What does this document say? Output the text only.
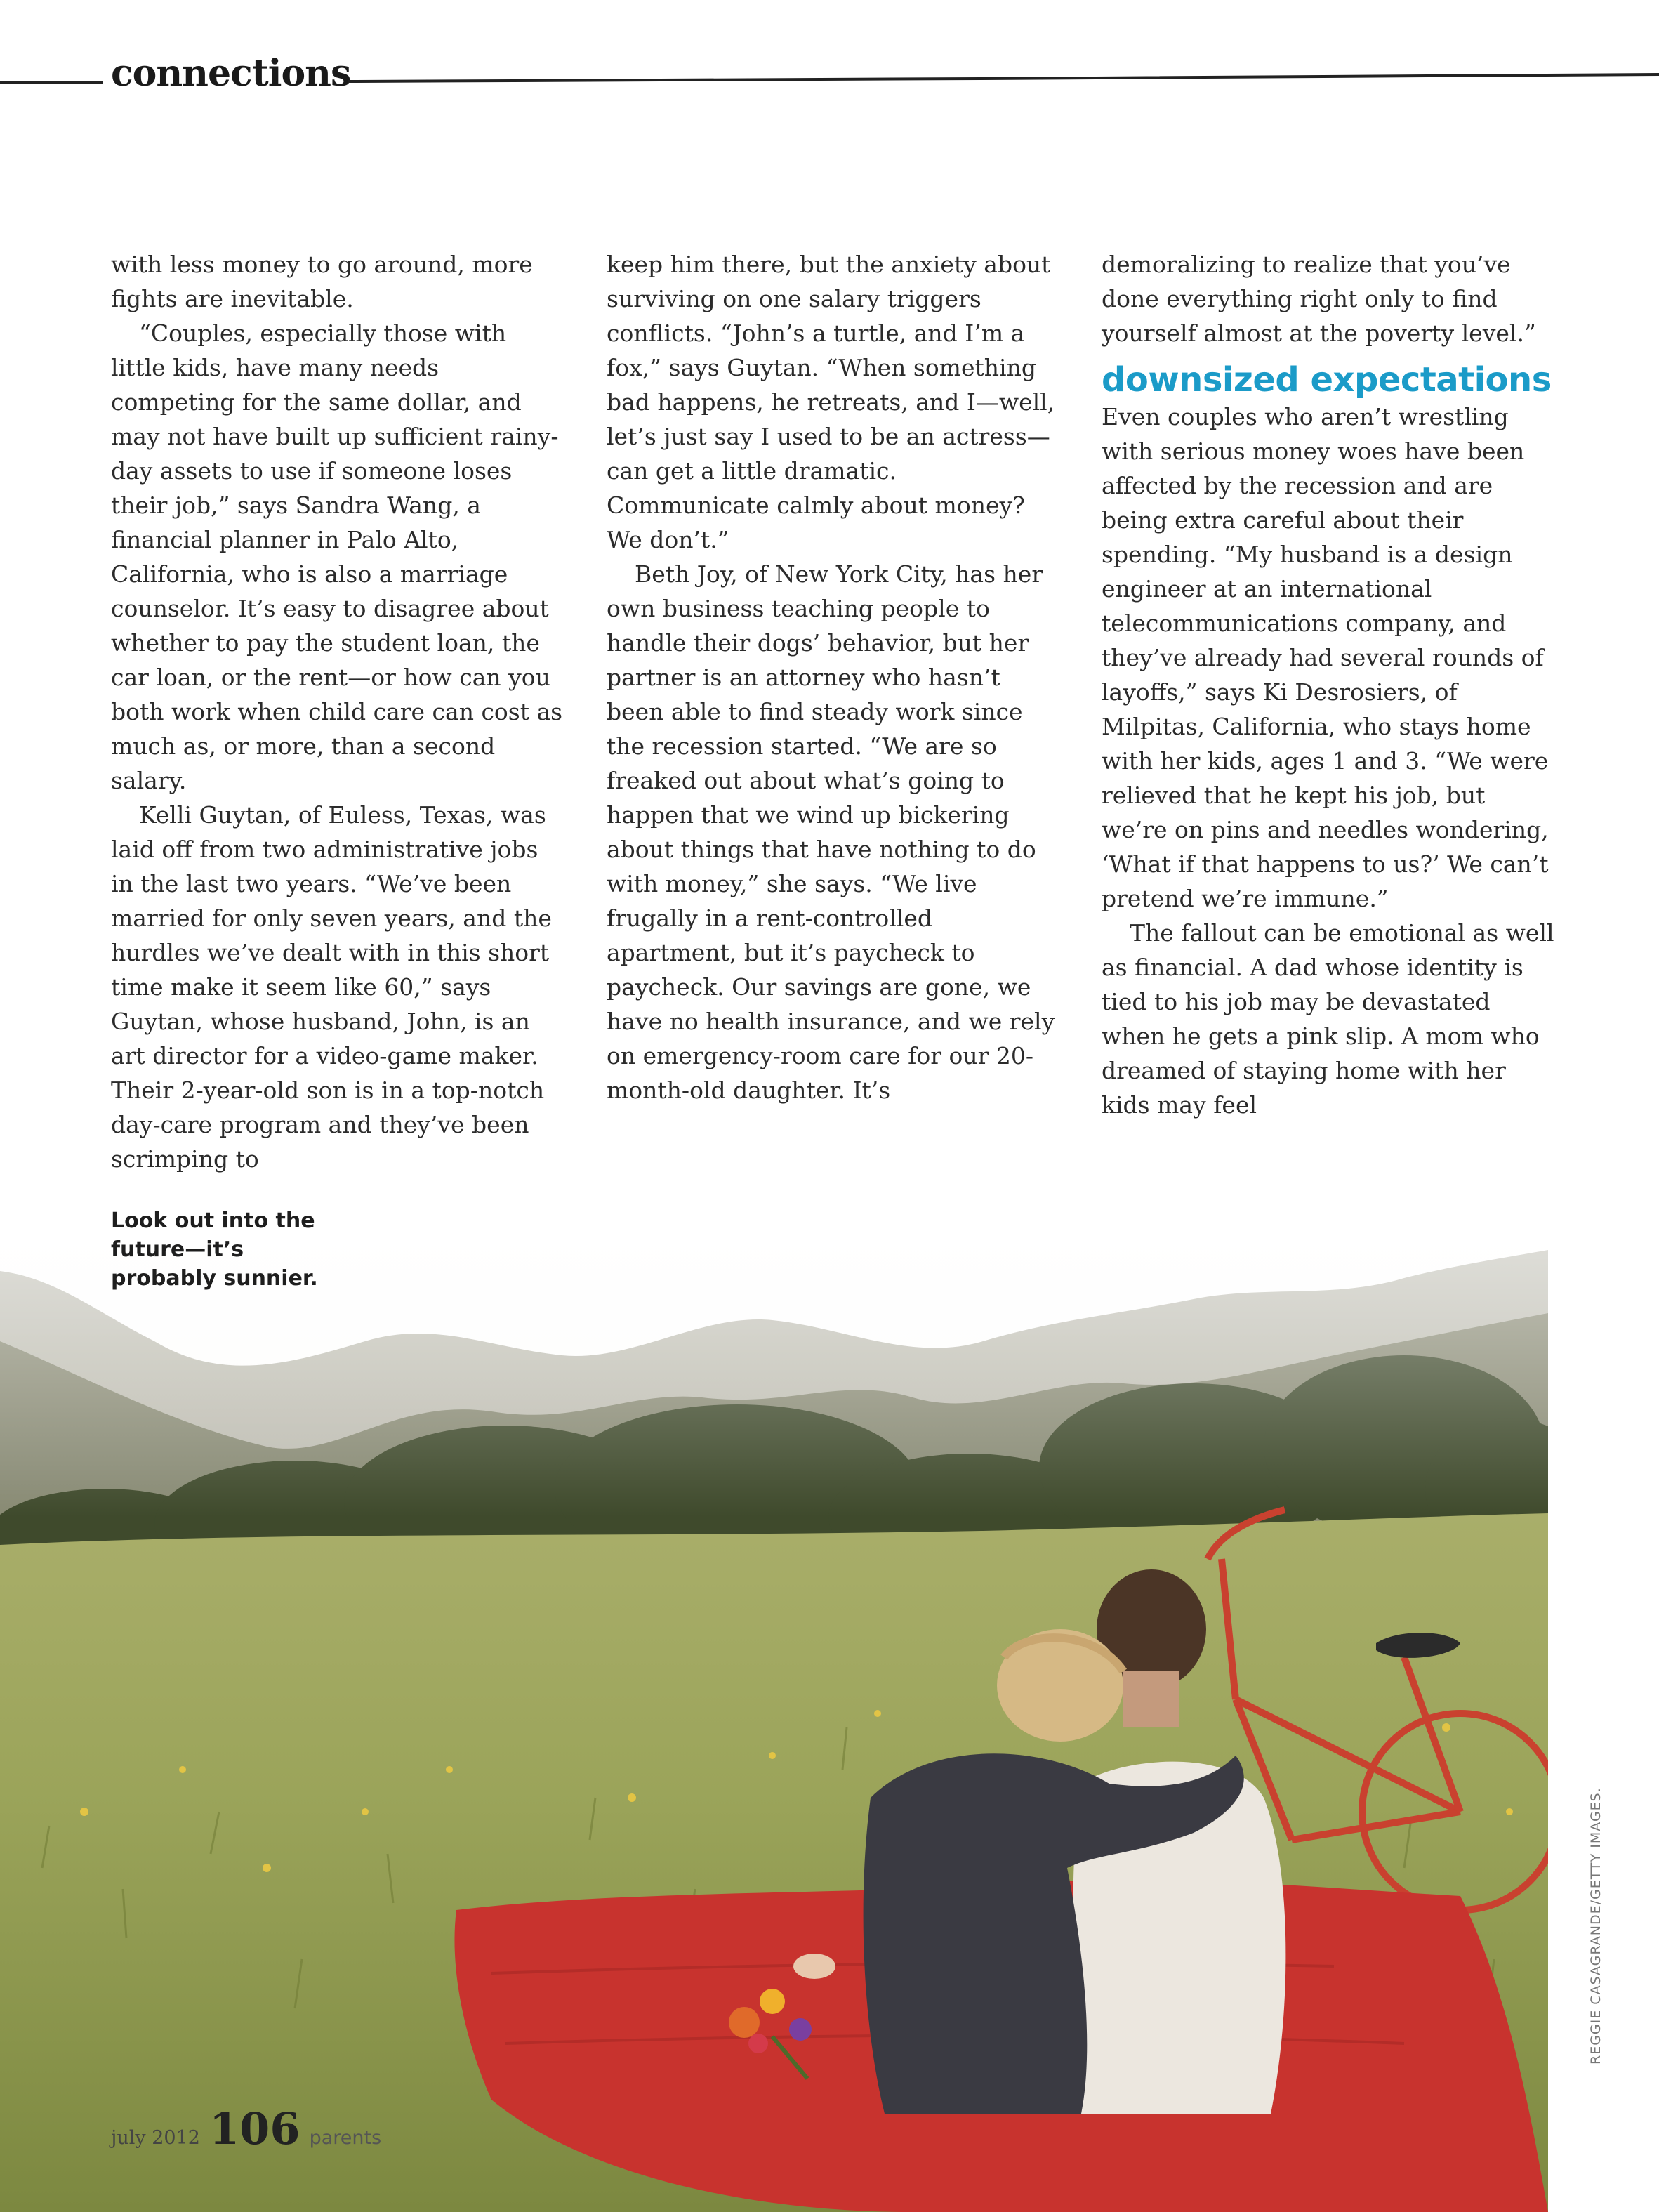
connections

with less money to go around, more fights are inevitable.

“Couples, especially those with little kids, have many needs competing for the same dollar, and may not have built up sufficient rainy-day assets to use if someone loses their job,” says Sandra Wang, a financial planner in Palo Alto, California, who is also a marriage counselor. It’s easy to disagree about whether to pay the student loan, the car loan, or the rent—or how can you both work when child care can cost as much as, or more, than a second salary.

Kelli Guytan, of Euless, Texas, was laid off from two administrative jobs in the last two years. “We’ve been married for only seven years, and the hurdles we’ve dealt with in this short time make it seem like 60,” says Guytan, whose husband, John, is an art director for a video-game maker. Their 2-year-old son is in a top-notch day-care program and they’ve been scrimping to

keep him there, but the anxiety about surviving on one salary triggers conflicts. “John’s a turtle, and I’m a fox,” says Guytan. “When something bad happens, he retreats, and I—well, let’s just say I used to be an actress—can get a little dramatic. Communicate calmly about money? We don’t.”

Beth Joy, of New York City, has her own business teaching people to handle their dogs’ behavior, but her partner is an attorney who hasn’t been able to find steady work since the recession started. “We are so freaked out about what’s going to happen that we wind up bickering about things that have nothing to do with money,” she says. “We live frugally in a rent-controlled apartment, but it’s paycheck to paycheck. Our savings are gone, we have no health insurance, and we rely on emergency-room care for our 20-month-old daughter. It’s

demoralizing to realize that you’ve done everything right only to find yourself almost at the poverty level.”

downsized expectations

Even couples who aren’t wrestling with serious money woes have been affected by the recession and are being extra careful about their spending. “My husband is a design engineer at an international telecommunications company, and they’ve already had several rounds of layoffs,” says Ki Desrosiers, of Milpitas, California, who stays home with her kids, ages 1 and 3. “We were relieved that he kept his job, but we’re on pins and needles wondering, ‘What if that happens to us?’ We can’t pretend we’re immune.”

The fallout can be emotional as well as financial. A dad whose identity is tied to his job may be devastated when he gets a pink slip. A mom who dreamed of staying home with her kids may feel

Look out into the future—it’s probably sunnier.
REGGIE CASAGRANDE/GETTY IMAGES.
july 2012 106 parents
